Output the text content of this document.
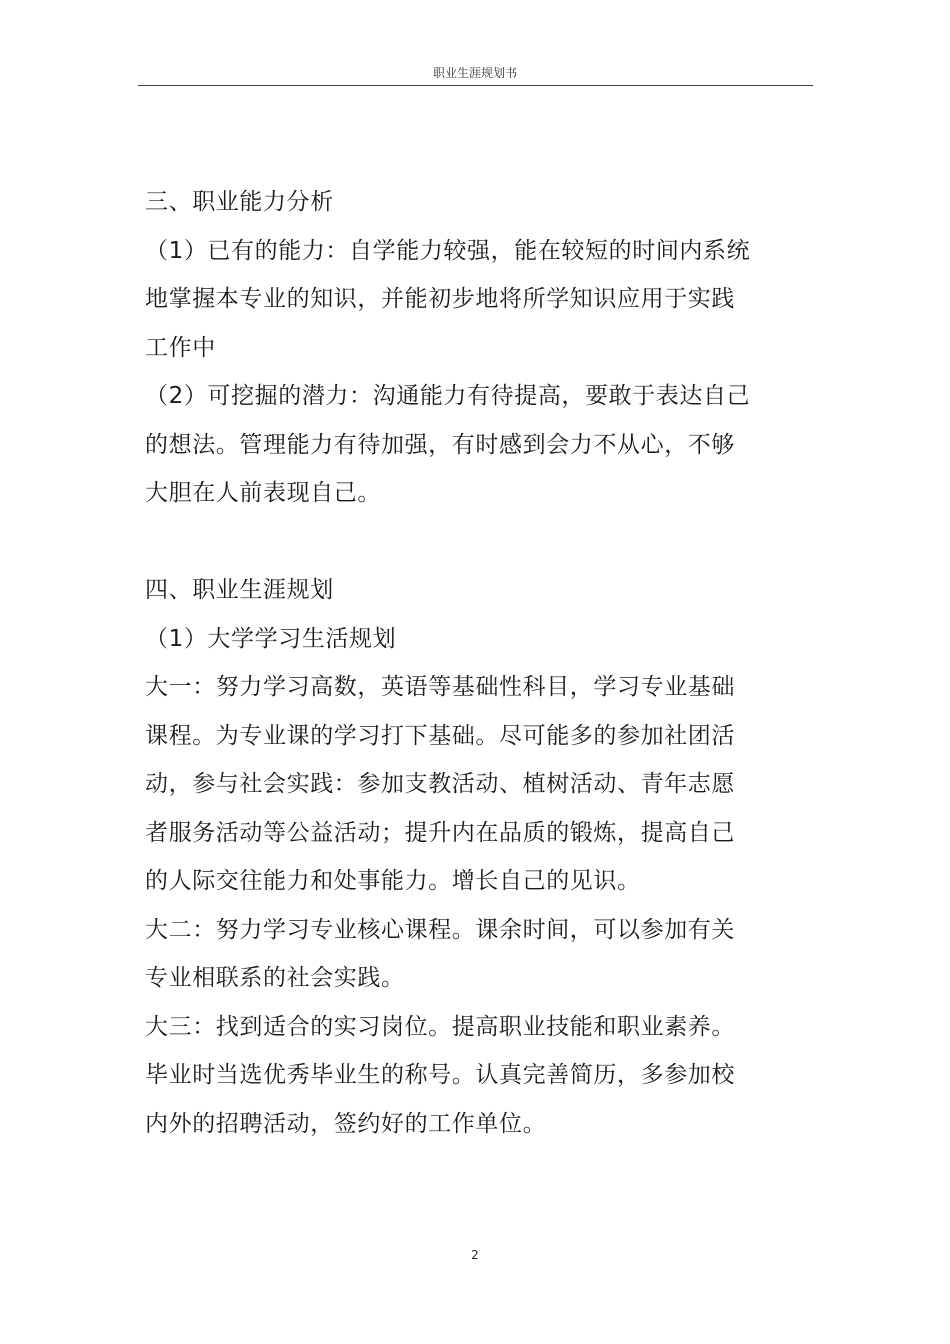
职业生涯规划书

三、职业能力分析

（1）已有的能力：自学能力较强，能在较短的时间内系统

地掌握本专业的知识，并能初步地将所学知识应用于实践

工作中

（2）可挖掘的潜力：沟通能力有待提高，要敢于表达自己

的想法。管理能力有待加强，有时感到会力不从心，不够

大胆在人前表现自己。

四、职业生涯规划

（1）大学学习生活规划

大一：努力学习高数，英语等基础性科目，学习专业基础

课程。为专业课的学习打下基础。尽可能多的参加社团活

动，参与社会实践：参加支教活动、植树活动、青年志愿

者服务活动等公益活动；提升内在品质的锻炼，提高自己

的人际交往能力和处事能力。增长自己的见识。

大二：努力学习专业核心课程。课余时间，可以参加有关

专业相联系的社会实践。

大三：找到适合的实习岗位。提高职业技能和职业素养。

毕业时当选优秀毕业生的称号。认真完善简历，多参加校

内外的招聘活动，签约好的工作单位。

2
